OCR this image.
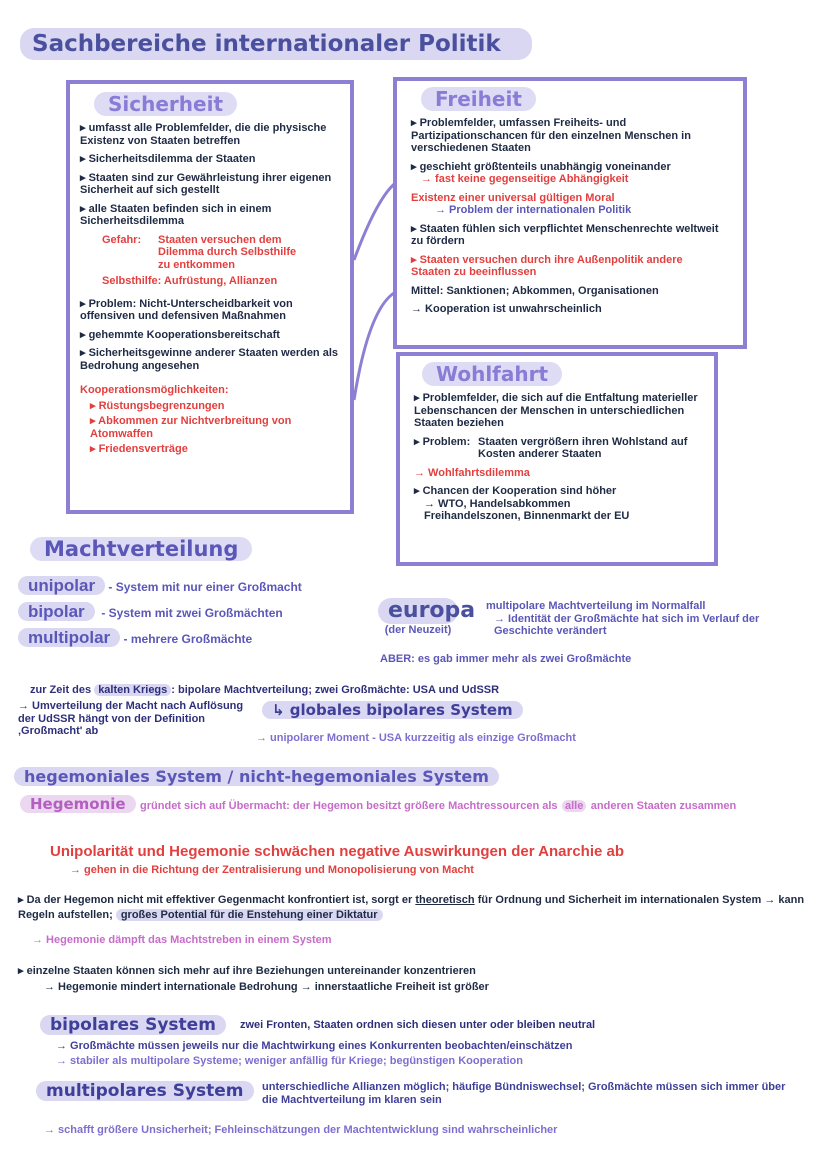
Sachbereiche internationaler Politik
Sicherheit
▸ umfasst alle Problemfelder, die die physische Existenz von Staaten betreffen
▸ Sicherheitsdilemma der Staaten
▸ Staaten sind zur Gewährleistung ihrer eigenen Sicherheit auf sich gestellt
▸ alle Staaten befinden sich in einem Sicherheitsdilemma
Gefahr:	Staaten versuchen dem Dilemma durch Selbsthilfe zu entkommen
Selbsthilfe: Aufrüstung, Allianzen
▸ Problem: Nicht-Unterscheidbarkeit von offensiven und defensiven Maßnahmen
▸ gehemmte Kooperationsbereitschaft
▸ Sicherheitsgewinne anderer Staaten werden als Bedrohung angesehen
Kooperationsmöglichkeiten:
▸ Rüstungsbegrenzungen
▸ Abkommen zur Nichtverbreitung von Atomwaffen
▸ Friedensverträge
Freiheit
▸ Problemfelder, umfassen Freiheits- und Partizipationschancen für den einzelnen Menschen in verschiedenen Staaten
▸ geschieht größtenteils unabhängig voneinander
→ fast keine gegenseitige Abhängigkeit
Existenz einer universal gültigen Moral
→ Problem der internationalen Politik
▸ Staaten fühlen sich verpflichtet Menschenrechte weltweit zu fördern
▸ Staaten versuchen durch ihre Außenpolitik andere Staaten zu beeinflussen
Mittel: Sanktionen; Abkommen, Organisationen
→ Kooperation ist unwahrscheinlich
Wohlfahrt
▸ Problemfelder, die sich auf die Entfaltung materieller Lebenschancen der Menschen in unterschiedlichen Staaten beziehen
▸ Problem: Staaten vergrößern ihren Wohlstand auf Kosten anderer Staaten
→ Wohlfahrtsdilemma
▸ Chancen der Kooperation sind höher
→ WTO, Handelsabkommen Freihandelszonen, Binnenmarkt der EU
Machtverteilung
unipolar - System mit nur einer Großmacht
bipolar - System mit zwei Großmächten
multipolar - mehrere Großmächte
europa
(der Neuzeit)
multipolare Machtverteilung im Normalfall
→ Identität der Großmächte hat sich im Verlauf der Geschichte verändert
ABER: es gab immer mehr als zwei Großmächte
zur Zeit des kalten Kriegs : bipolare Machtverteilung; zwei Großmächte: USA und UdSSR
→ Umverteilung der Macht nach Auflösung der UdSSR hängt von der Definition ‚Großmacht' ab
↳ globales bipolares System
→ unipolarer Moment - USA kurzzeitig als einzige Großmacht
hegemoniales System / nicht-hegemoniales System
Hegemonie gründet sich auf Übermacht: der Hegemon besitzt größere Machtressourcen als alle anderen Staaten zusammen
Unipolarität und Hegemonie schwächen negative Auswirkungen der Anarchie ab
→ gehen in die Richtung der Zentralisierung und Monopolisierung von Macht
▸ Da der Hegemon nicht mit effektiver Gegenmacht konfrontiert ist, sorgt er theoretisch für Ordnung und Sicherheit im internationalen System → kann Regeln aufstellen; großes Potential für die Enstehung einer Diktatur
→ Hegemonie dämpft das Machtstreben in einem System
▸ einzelne Staaten können sich mehr auf ihre Beziehungen untereinander konzentrieren
→ Hegemonie mindert internationale Bedrohung → innerstaatliche Freiheit ist größer
bipolares System	zwei Fronten, Staaten ordnen sich diesen unter oder bleiben neutral
→ Großmächte müssen jeweils nur die Machtwirkung eines Konkurrenten beobachten/einschätzen
→ stabiler als multipolare Systeme; weniger anfällig für Kriege; begünstigen Kooperation
multipolares System	unterschiedliche Allianzen möglich; häufige Bündniswechsel; Großmächte müssen sich immer über die Machtverteilung im klaren sein
→ schafft größere Unsicherheit; Fehleinschätzungen der Machtentwicklung sind wahrscheinlicher
